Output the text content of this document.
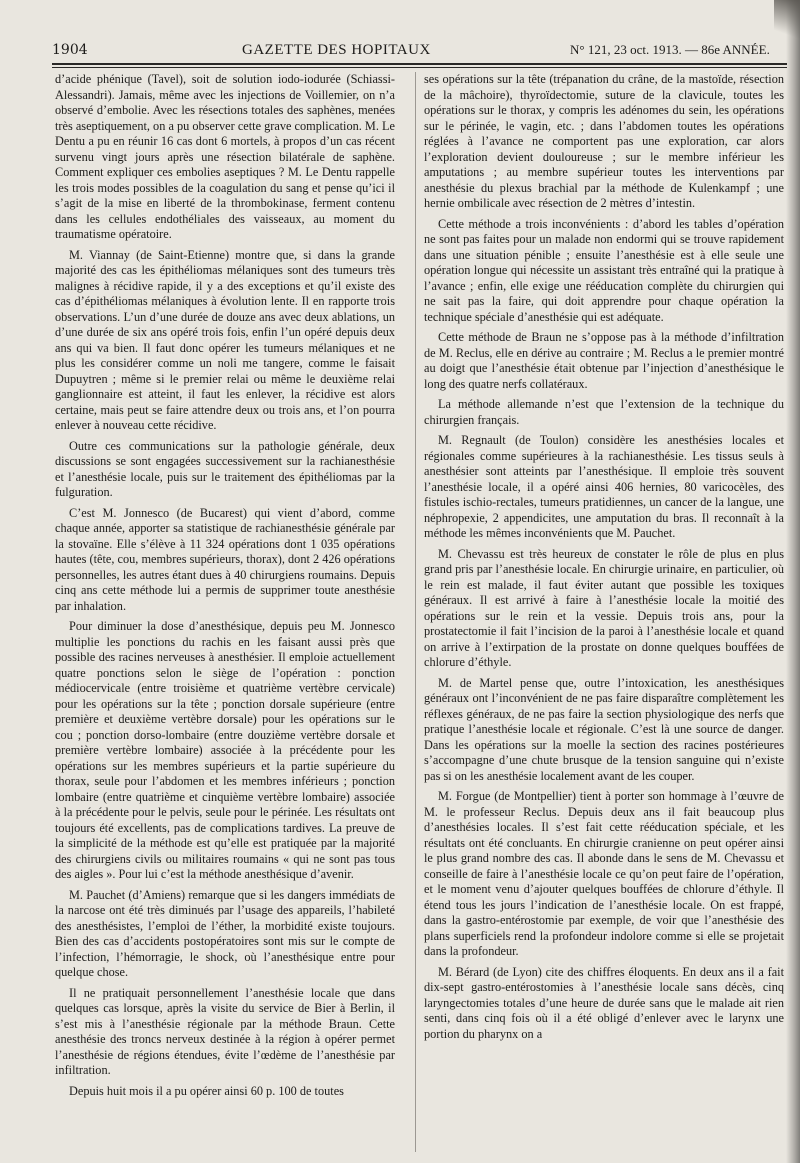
1904	GAZETTE DES HOPITAUX	N° 121, 23 oct. 1913. — 86e ANNÉE.

d’acide phénique (Tavel), soit de solution iodo-iodurée (Schiassi-Alessandri). Jamais, même avec les injections de Voillemier, on n’a observé d’embolie. Avec les résections totales des saphènes, menées très aseptiquement, on a pu observer cette grave complication. M. Le Dentu a pu en réunir 16 cas dont 6 mortels, à propos d’un cas récent survenu vingt jours après une résection bilatérale de saphène. Comment expliquer ces embolies aseptiques ? M. Le Dentu rappelle les trois modes possibles de la coagulation du sang et pense qu’ici il s’agit de la mise en liberté de la thrombokinase, ferment contenu dans les cellules endothéliales des vaisseaux, au moment du traumatisme opératoire.

M. Viannay (de Saint-Etienne) montre que, si dans la grande majorité des cas les épithéliomas mélaniques sont des tumeurs très malignes à récidive rapide, il y a des exceptions et qu’il existe des cas d’épithéliomas mélaniques à évolution lente. Il en rapporte trois observations. L’un d’une durée de douze ans avec deux ablations, un d’une durée de six ans opéré trois fois, enfin l’un opéré depuis deux ans qui va bien. Il faut donc opérer les tumeurs mélaniques et ne plus les considérer comme un noli me tangere, comme le faisait Dupuytren ; même si le premier relai ou même le deuxième relai ganglionnaire est atteint, il faut les enlever, la récidive est alors certaine, mais peut se faire attendre deux ou trois ans, et l’on pourra enlever à nouveau cette récidive.

Outre ces communications sur la pathologie générale, deux discussions se sont engagées successivement sur la rachianesthésie et l’anesthésie locale, puis sur le traitement des épithéliomas par la fulguration.

C’est M. Jonnesco (de Bucarest) qui vient d’abord, comme chaque année, apporter sa statistique de rachianesthésie générale par la stovaïne. Elle s’élève à 11 324 opérations dont 1 035 opérations hautes (tête, cou, membres supérieurs, thorax), dont 2 426 opérations personnelles, les autres étant dues à 40 chirurgiens roumains. Depuis cinq ans cette méthode lui a permis de supprimer toute anesthésie par inhalation.

Pour diminuer la dose d’anesthésique, depuis peu M. Jonnesco multiplie les ponctions du rachis en les faisant aussi près que possible des racines nerveuses à anesthésier. Il emploie actuellement quatre ponctions selon le siège de l’opération : ponction médiocervicale (entre troisième et quatrième vertèbre cervicale) pour les opérations sur la tête ; ponction dorsale supérieure (entre première et deuxième vertèbre dorsale) pour les opérations sur le cou ; ponction dorso-lombaire (entre douzième vertèbre dorsale et première vertèbre lombaire) associée à la précédente pour les opérations sur les membres supérieurs et la partie supérieure du thorax, seule pour l’abdomen et les membres inférieurs ; ponction lombaire (entre quatrième et cinquième vertèbre lombaire) associée à la précédente pour le pelvis, seule pour le périnée. Les résultats ont toujours été excellents, pas de complications tardives. La preuve de la simplicité de la méthode est qu’elle est pratiquée par la majorité des chirurgiens civils ou militaires roumains « qui ne sont pas tous des aigles ». Pour lui c’est la méthode anesthésique d’avenir.

M. Pauchet (d’Amiens) remarque que si les dangers immédiats de la narcose ont été très diminués par l’usage des appareils, l’habileté des anesthésistes, l’emploi de l’éther, la morbidité existe toujours. Bien des cas d’accidents postopératoires sont mis sur le compte de l’infection, l’hémorragie, le shock, où l’anesthésique entre pour quelque chose.

Il ne pratiquait personnellement l’anesthésie locale que dans quelques cas lorsque, après la visite du service de Bier à Berlin, il s’est mis à l’anesthésie régionale par la méthode Braun. Cette anesthésie des troncs nerveux destinée à la région à opérer permet l’anesthésie de régions étendues, évite l’œdème de l’anesthésie par infiltration.

Depuis huit mois il a pu opérer ainsi 60 p. 100 de toutes

ses opérations sur la tête (trépanation du crâne, de la mastoïde, résection de la mâchoire), thyroïdectomie, suture de la clavicule, toutes les opérations sur le thorax, y compris les adénomes du sein, les opérations sur le périnée, le vagin, etc. ; dans l’abdomen toutes les opérations réglées à l’avance ne comportent pas une exploration, car alors l’exploration devient douloureuse ; sur le membre inférieur les amputations ; au membre supérieur toutes les interventions par anesthésie du plexus brachial par la méthode de Kulenkampf ; une hernie ombilicale avec résection de 2 mètres d’intestin.

Cette méthode a trois inconvénients : d’abord les tables d’opération ne sont pas faites pour un malade non endormi qui se trouve rapidement dans une situation pénible ; ensuite l’anesthésie est à elle seule une opération longue qui nécessite un assistant très entraîné qui la pratique à l’avance ; enfin, elle exige une rééducation complète du chirurgien qui ne sait pas la faire, qui doit apprendre pour chaque opération la technique spéciale d’anesthésie qui est adéquate.

Cette méthode de Braun ne s’oppose pas à la méthode d’infiltration de M. Reclus, elle en dérive au contraire ; M. Reclus a le premier montré au doigt que l’anesthésie était obtenue par l’injection d’anesthésique le long des quatre nerfs collatéraux.

La méthode allemande n’est que l’extension de la technique du chirurgien français.

M. Regnault (de Toulon) considère les anesthésies locales et régionales comme supérieures à la rachianesthésie. Les tissus seuls à anesthésier sont atteints par l’anesthésique. Il emploie très souvent l’anesthésie locale, il a opéré ainsi 406 hernies, 80 varicocèles, des fistules ischio-rectales, tumeurs pratidiennes, un cancer de la langue, une néphropexie, 2 appendicites, une amputation du bras. Il reconnaît à la méthode les mêmes inconvénients que M. Pauchet.

M. Chevassu est très heureux de constater le rôle de plus en plus grand pris par l’anesthésie locale. En chirurgie urinaire, en particulier, où le rein est malade, il faut éviter autant que possible les toxiques généraux. Il est arrivé à faire à l’anesthésie locale la moitié des opérations sur le rein et la vessie. Depuis trois ans, pour la prostatectomie il fait l’incision de la paroi à l’anesthésie locale et quand on arrive à l’extirpation de la prostate on donne quelques bouffées de chlorure d’éthyle.

M. de Martel pense que, outre l’intoxication, les anesthésiques généraux ont l’inconvénient de ne pas faire disparaître complètement les réflexes généraux, de ne pas faire la section physiologique des nerfs que pratique l’anesthésie locale et régionale. C’est là une source de danger. Dans les opérations sur la moelle la section des racines postérieures s’accompagne d’une chute brusque de la tension sanguine qui n’existe pas si on les anesthésie localement avant de les couper.

M. Forgue (de Montpellier) tient à porter son hommage à l’œuvre de M. le professeur Reclus. Depuis deux ans il fait beaucoup plus d’anesthésies locales. Il s’est fait cette rééducation spéciale, et les résultats ont été concluants. En chirurgie cranienne on peut opérer ainsi le plus grand nombre des cas. Il abonde dans le sens de M. Chevassu et conseille de faire à l’anesthésie locale ce qu’on peut faire de l’opération, et le moment venu d’ajouter quelques bouffées de chlorure d’éthyle. Il étend tous les jours l’indication de l’anesthésie locale. On est frappé, dans la gastro-entérostomie par exemple, de voir que l’anesthésie des plans superficiels rend la profondeur indolore comme si elle se projetait dans la profondeur.

M. Bérard (de Lyon) cite des chiffres éloquents. En deux ans il a fait dix-sept gastro-entérostomies à l’anesthésie locale sans décès, cinq laryngectomies totales d’une heure de durée sans que le malade ait rien senti, dans cinq fois où il a été obligé d’enlever avec le larynx une portion du pharynx on a
